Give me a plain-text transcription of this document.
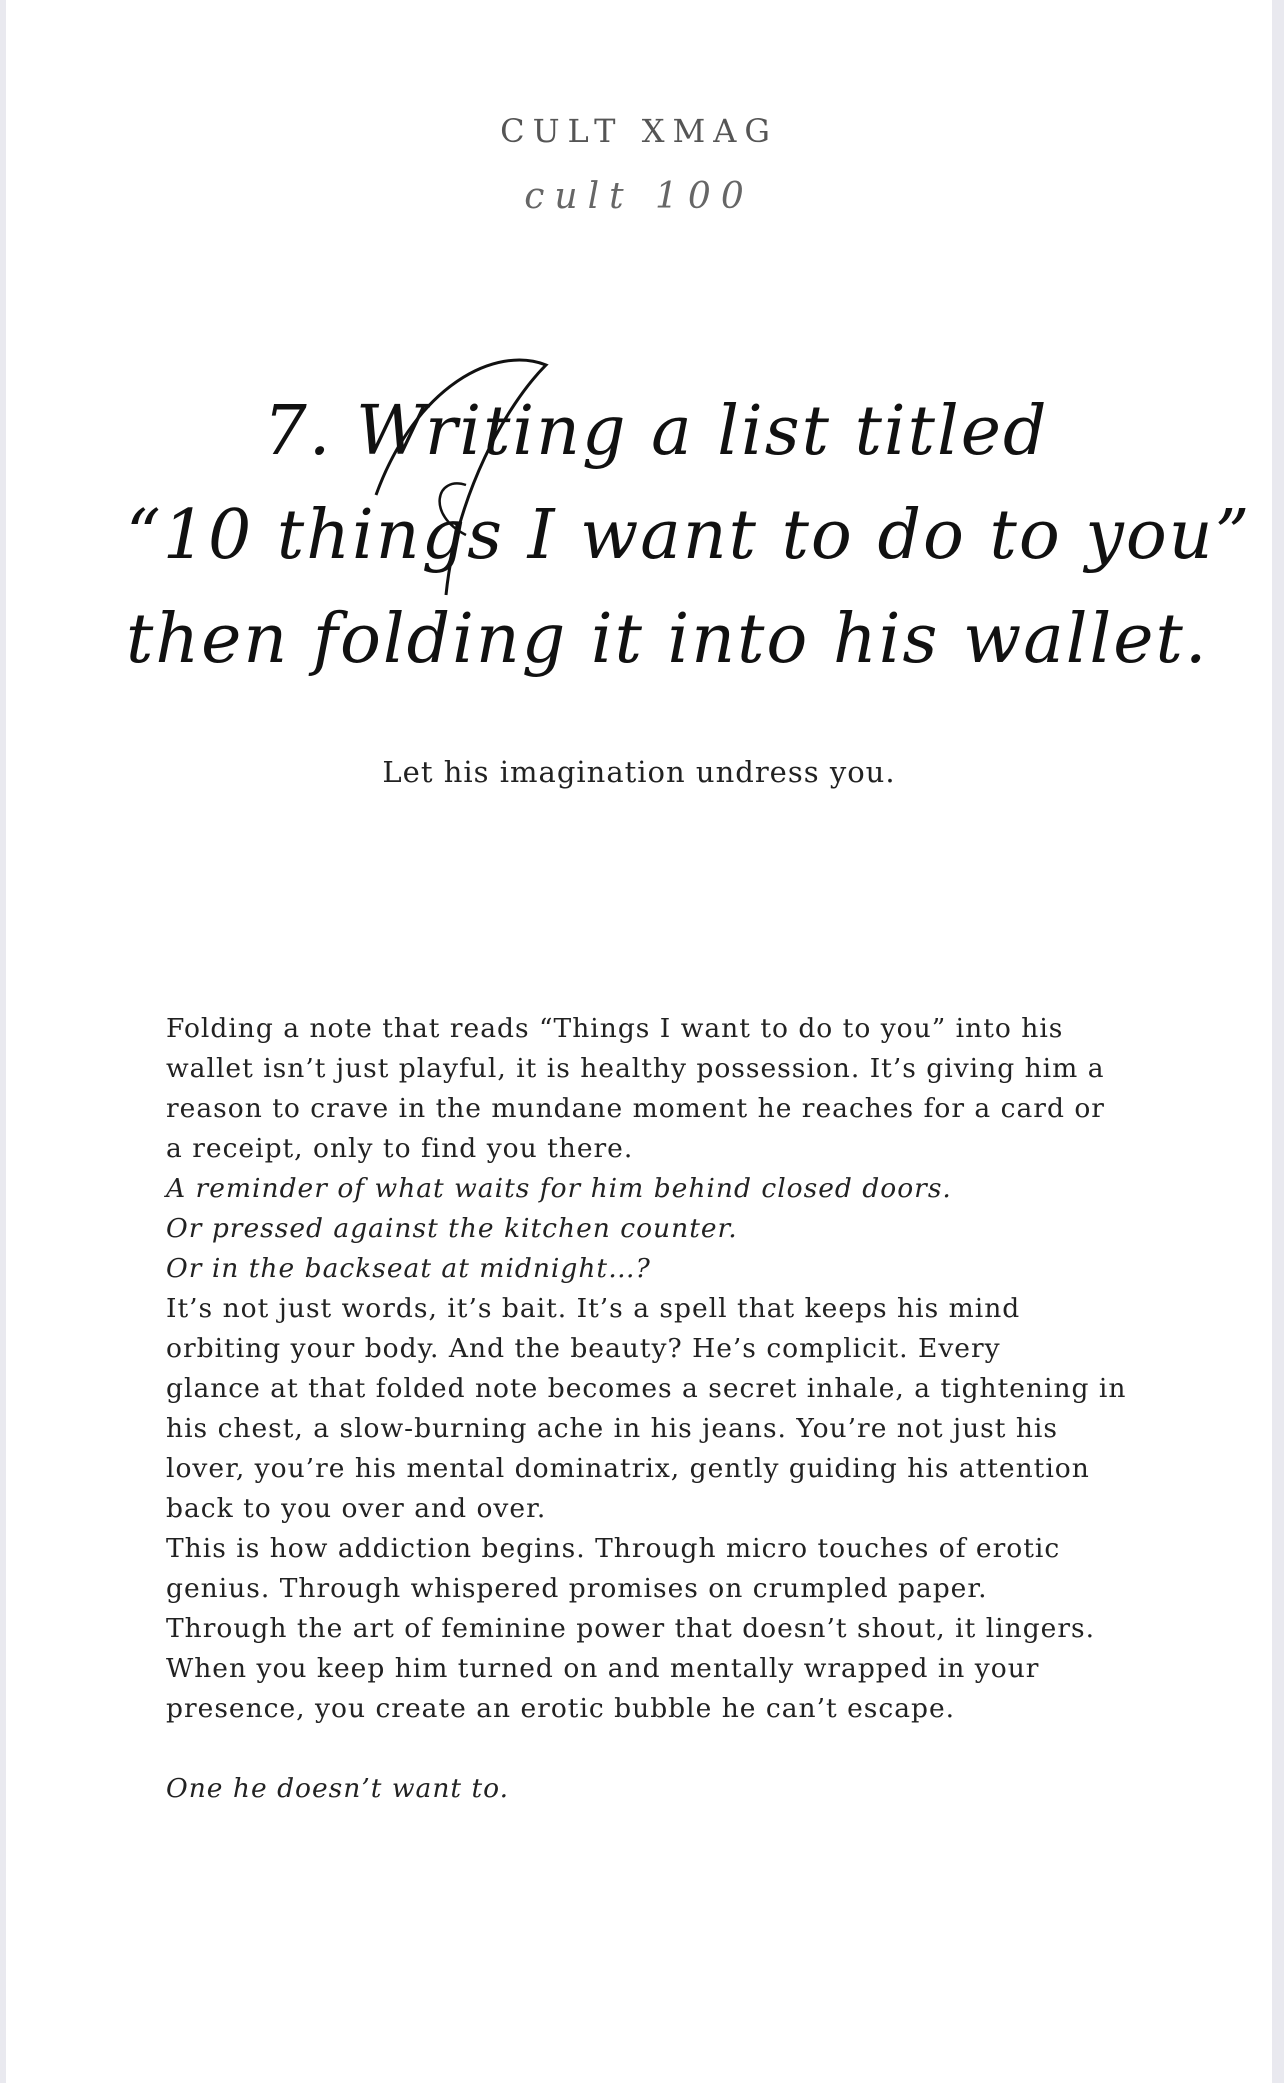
CULT XMAG
cult 100
7. Writing a list titled
“10 things I want to do to you”
then folding it into his wallet.
Let his imagination undress you.

Folding a note that reads “Things I want to do to you” into his

wallet isn’t just playful, it is healthy possession. It’s giving him a

reason to crave in the mundane moment he reaches for a card or

a receipt, only to find you there.

A reminder of what waits for him behind closed doors.

Or pressed against the kitchen counter.

Or in the backseat at midnight…?

It’s not just words, it’s bait. It’s a spell that keeps his mind

orbiting your body. And the beauty? He’s complicit. Every

glance at that folded note becomes a secret inhale, a tightening in

his chest, a slow-burning ache in his jeans. You’re not just his

lover, you’re his mental dominatrix, gently guiding his attention

back to you over and over.

This is how addiction begins. Through micro touches of erotic

genius. Through whispered promises on crumpled paper.

Through the art of feminine power that doesn’t shout, it lingers.

When you keep him turned on and mentally wrapped in your

presence, you create an erotic bubble he can’t escape.

One he doesn’t want to.
